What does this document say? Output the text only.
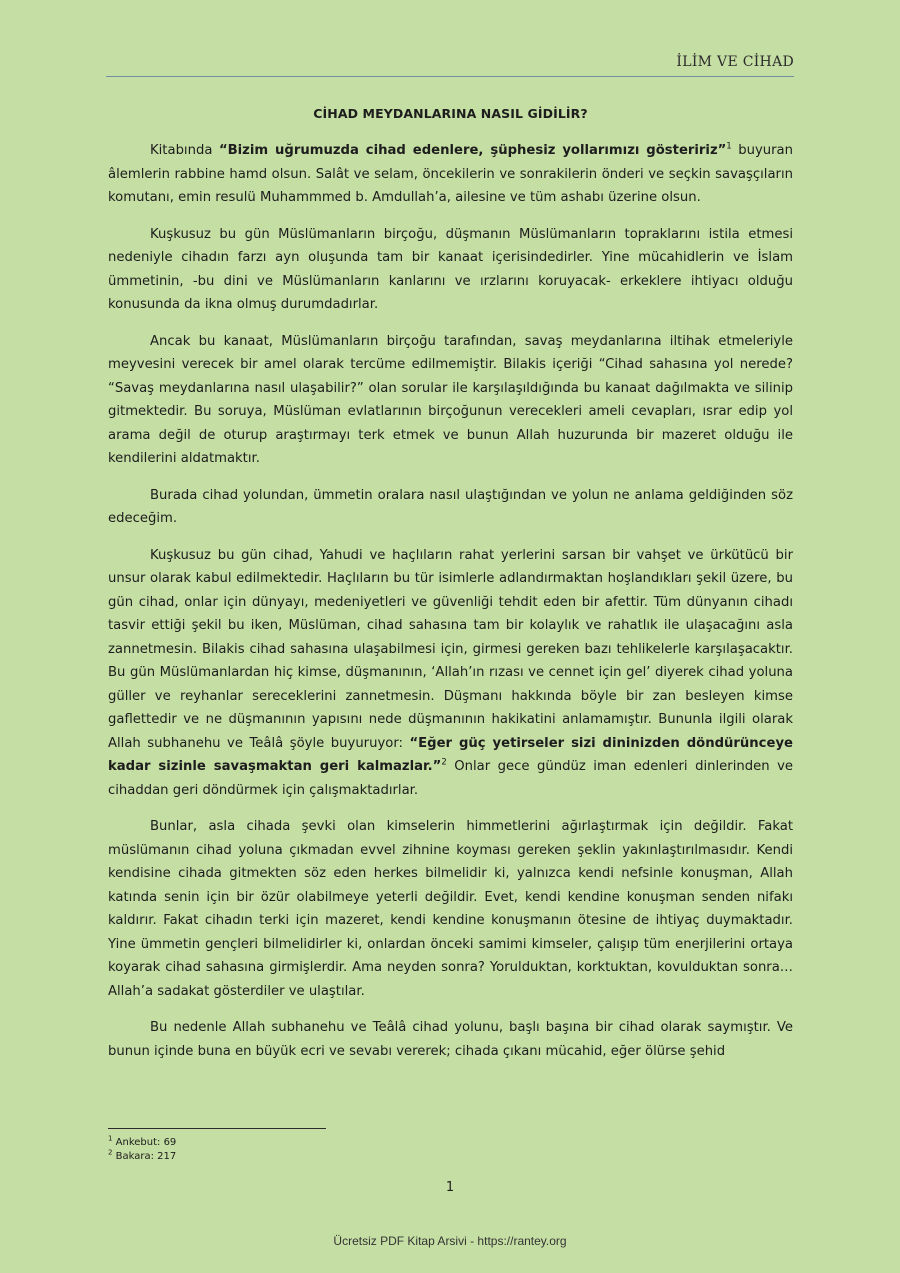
İLİM VE CİHAD
CİHAD MEYDANLARINA NASIL GİDİLİR?

Kitabında “Bizim uğrumuzda cihad edenlere, şüphesiz yollarımızı gösteririz”$^1$ buyuran âlemlerin rabbine hamd olsun. Salât ve selam, öncekilerin ve sonrakilerin önderi ve seçkin savaşçıların komutanı, emin resulü Muhammmed b. Amdullah’a, ailesine ve tüm ashabı üzerine olsun.

Kuşkusuz bu gün Müslümanların birçoğu, düşmanın Müslümanların topraklarını istila etmesi nedeniyle cihadın farzı ayn oluşunda tam bir kanaat içerisindedirler. Yine mücahidlerin ve İslam ümmetinin, -bu dini ve Müslümanların kanlarını ve ırzlarını koruyacak- erkeklere ihtiyacı olduğu konusunda da ikna olmuş durumdadırlar.

Ancak bu kanaat, Müslümanların birçoğu tarafından, savaş meydanlarına iltihak etmeleriyle meyvesini verecek bir amel olarak tercüme edilmemiştir. Bilakis içeriği “Cihad sahasına yol nerede? “Savaş meydanlarına nasıl ulaşabilir?” olan sorular ile karşılaşıldığında bu kanaat dağılmakta ve silinip gitmektedir. Bu soruya, Müslüman evlatlarının birçoğunun verecekleri ameli cevapları, ısrar edip yol arama değil de oturup araştırmayı terk etmek ve bunun Allah huzurunda bir mazeret olduğu ile kendilerini aldatmaktır.

Burada cihad yolundan, ümmetin oralara nasıl ulaştığından ve yolun ne anlama geldiğinden söz edeceğim.

Kuşkusuz bu gün cihad, Yahudi ve haçlıların rahat yerlerini sarsan bir vahşet ve ürkütücü bir unsur olarak kabul edilmektedir. Haçlıların bu tür isimlerle adlandırmaktan hoşlandıkları şekil üzere, bu gün cihad, onlar için dünyayı, medeniyetleri ve güvenliği tehdit eden bir afettir. Tüm dünyanın cihadı tasvir ettiği şekil bu iken, Müslüman, cihad sahasına tam bir kolaylık ve rahatlık ile ulaşacağını asla zannetmesin. Bilakis cihad sahasına ulaşabilmesi için, girmesi gereken bazı tehlikelerle karşılaşacaktır. Bu gün Müslümanlardan hiç kimse, düşmanının, ‘Allah’ın rızası ve cennet için gel’ diyerek cihad yoluna güller ve reyhanlar sereceklerini zannetmesin. Düşmanı hakkında böyle bir zan besleyen kimse gaflettedir ve ne düşmanının yapısını nede düşmanının hakikatini anlamamıştır. Bununla ilgili olarak Allah subhanehu ve Teâlâ şöyle buyuruyor: “Eğer güç yetirseler sizi dininizden döndürünceye kadar sizinle savaşmaktan geri kalmazlar.”$^2$ Onlar gece gündüz iman edenleri dinlerinden ve cihaddan geri döndürmek için çalışmaktadırlar.

Bunlar, asla cihada şevki olan kimselerin himmetlerini ağırlaştırmak için değildir. Fakat müslümanın cihad yoluna çıkmadan evvel zihnine koyması gereken şeklin yakınlaştırılmasıdır. Kendi kendisine cihada gitmekten söz eden herkes bilmelidir ki, yalnızca kendi nefsinle konuşman, Allah katında senin için bir özür olabilmeye yeterli değildir. Evet, kendi kendine konuşman senden nifakı kaldırır. Fakat cihadın terki için mazeret, kendi kendine konuşmanın ötesine de ihtiyaç duymaktadır. Yine ümmetin gençleri bilmelidirler ki, onlardan önceki samimi kimseler, çalışıp tüm enerjilerini ortaya koyarak cihad sahasına girmişlerdir. Ama neyden sonra? Yorulduktan, korktuktan, kovulduktan sonra… Allah’a sadakat gösterdiler ve ulaştılar.

Bu nedenle Allah subhanehu ve Teâlâ cihad yolunu, başlı başına bir cihad olarak saymıştır. Ve bunun içinde buna en büyük ecri ve sevabı vererek; cihada çıkanı mücahid, eğer ölürse şehid

$^1$ Ankebut: 69
$^2$ Bakara: 217
1
Ücretsiz PDF Kitap Arsivi - https://rantey.org
